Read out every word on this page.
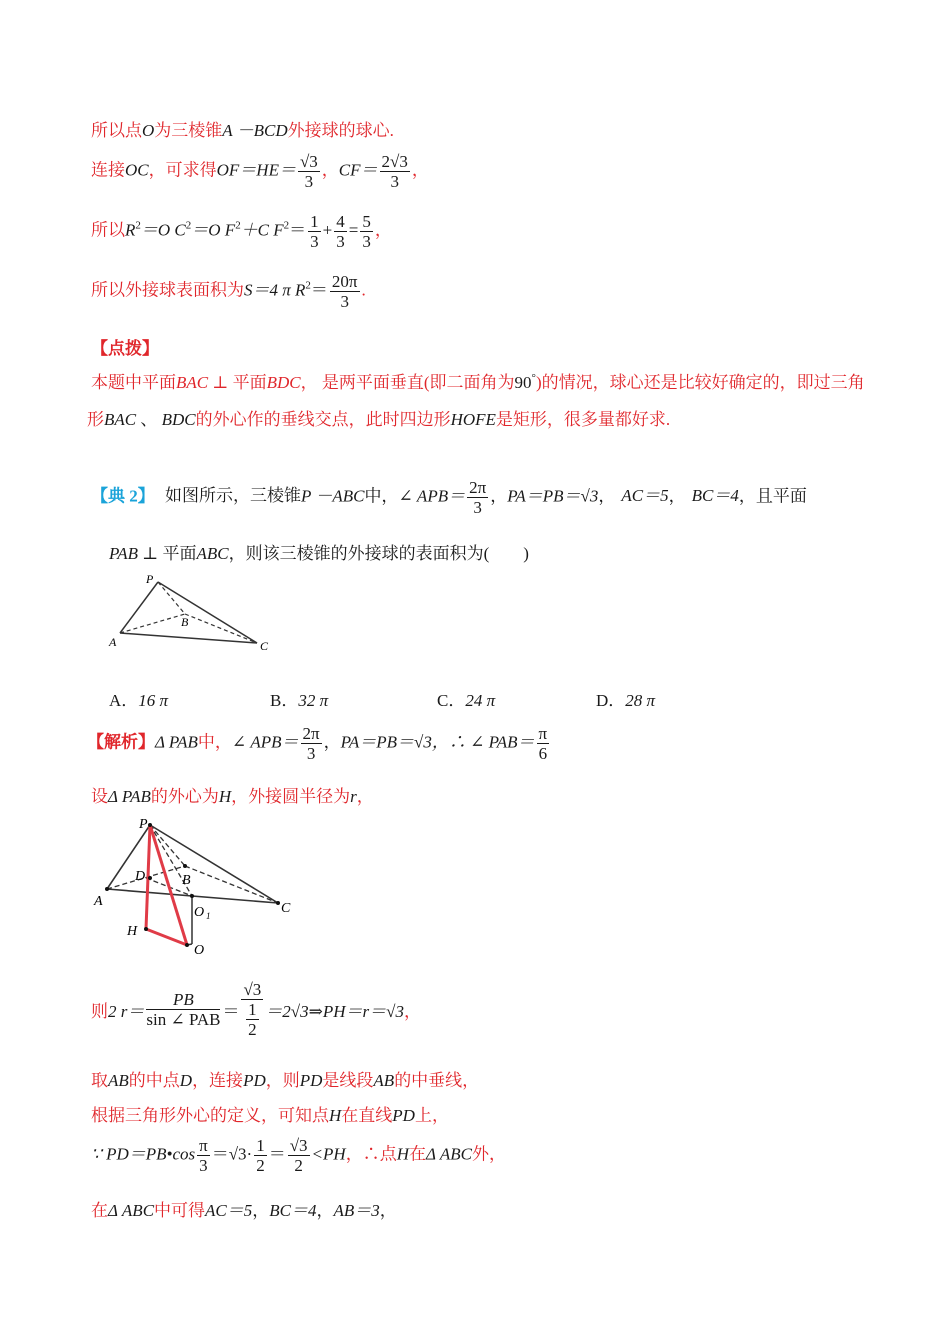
所以点O为三棱锥A －BCD外接球的球心.
连接OC，可求得$OF=HE= \frac{√3}{3}$ ，$CF= \frac{2√3}{3}$ ，
所以$R^2=O$ $C^2=O$ $F^2+C$ $F^2= \frac{1}{3} + \frac{4}{3} = \frac{5}{3}$ ，
所以外接球表面积为S＝4 π $R^2= \frac{20\pi}{3}$ .
【点拨】
本题中平面BAC ⊥ 平面BDC， 是两平面垂直(即二面角为90°)的情况，球心还是比较好确定的，即过三角
形BAC 、 BDC的外心作的垂线交点，此时四边形HOFE是矩形，很多量都好求.
【典 2】 如图所示，三棱锥P －ABC中，∠ $APB= \frac{2\pi}{3}$ ，PA＝PB＝√3， AC＝5， BC＝4，且平面
PAB ⊥ 平面ABC，则该三棱锥的外接球的表面积为(　　)
P
B
A	C
A．16 π	B．32 π	C．24 π	D．28 π
【解析】Δ PAB中，∠ $APB= \frac{2\pi}{3}$ ，PA＝PB＝√3，∴ ∠ $PAB= \frac{\pi}{6}$
设Δ PAB的外心为H，外接圆半径为r，
P
D	B
A	C
O 1
H
O
则2 $r= \frac{PB}{\text{sin ∠ PAB}} = \frac{√3}{\frac{1}{2}}$ ＝2√3⇒PH＝r＝√3，
取AB的中点D，连接PD，则PD是线段AB的中垂线，
根据三角形外心的定义，可知点H在直线PD上，
∵ PD＝PB•cos $\frac{\pi}{3} =√3\cdot \frac{1}{2} = \frac{√3}{2} <PH$，∴点H在Δ ABC外，
在Δ ABC中可得AC＝5，BC＝4，AB＝3，
